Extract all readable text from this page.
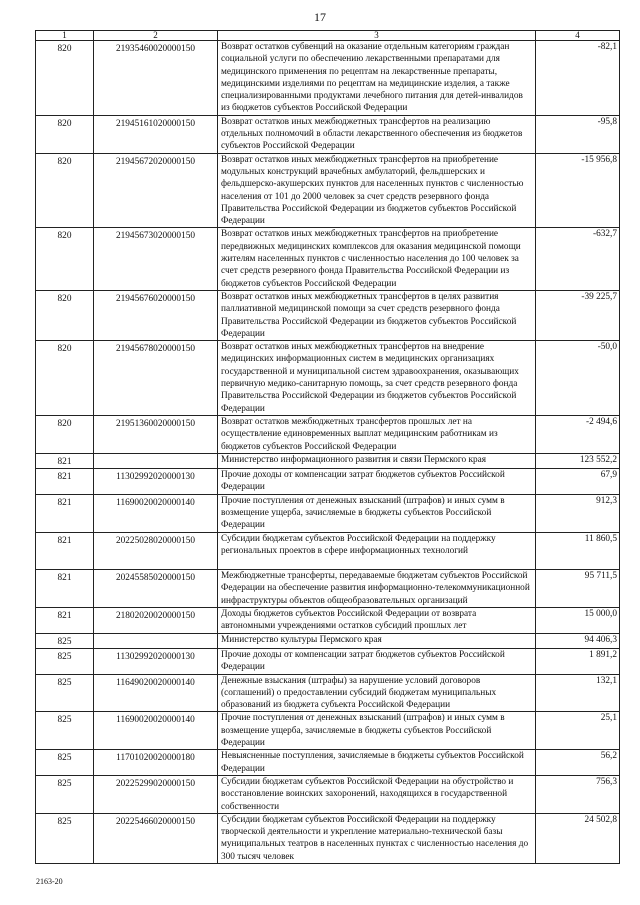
17
1	2	3	4
820	21935460020000150	Возврат остатков субвенций на оказание отдельным категориям граждан социальной услуги по обеспечению лекарственными препаратами для медицинского применения по рецептам на лекарственные препараты, медицинскими изделиями по рецептам на медицинские изделия, а также специализированными продуктами лечебного питания для детей-инвалидов из бюджетов субъектов Российской Федерации	-82,1
820	21945161020000150	Возврат остатков иных межбюджетных трансфертов на реализацию отдельных полномочий в области лекарственного обеспечения из бюджетов субъектов Российской Федерации	-95,8
820	21945672020000150	Возврат остатков иных межбюджетных трансфертов на приобретение модульных конструкций врачебных амбулаторий, фельдшерских и фельдшерско-акушерских пунктов для населенных пунктов с численностью населения от 101 до 2000 человек за счет средств резервного фонда Правительства Российской Федерации из бюджетов субъектов Российской Федерации	-15 956,8
820	21945673020000150	Возврат остатков иных межбюджетных трансфертов на приобретение передвижных медицинских комплексов для оказания медицинской помощи жителям населенных пунктов с численностью населения до 100 человек за счет средств резервного фонда Правительства Российской Федерации из бюджетов субъектов Российской Федерации	-632,7
820	21945676020000150	Возврат остатков иных межбюджетных трансфертов в целях развития паллиативной медицинской помощи за счет средств резервного фонда Правительства Российской Федерации из бюджетов субъектов Российской Федерации	-39 225,7
820	21945678020000150	Возврат остатков иных межбюджетных трансфертов на внедрение медицинских информационных систем в медицинских организациях государственной и муниципальной систем здравоохранения, оказывающих первичную медико-санитарную помощь, за счет средств резервного фонда Правительства Российской Федерации из бюджетов субъектов Российской Федерации	-50,0
820	21951360020000150	Возврат остатков межбюджетных трансфертов прошлых лет на осуществление единовременных выплат медицинским работникам из бюджетов субъектов Российской Федерации	-2 494,6
821		Министерство информационного развития и связи Пермского края	123 552,2
821	11302992020000130	Прочие доходы от компенсации затрат бюджетов субъектов Российской Федерации	67,9
821	11690020020000140	Прочие поступления от денежных взысканий (штрафов) и иных сумм в возмещение ущерба, зачисляемые в бюджеты субъектов Российской Федерации	912,3
821	20225028020000150	Субсидии бюджетам субъектов Российской Федерации на поддержку региональных проектов в сфере информационных технологий	11 860,5
821	20245585020000150	Межбюджетные трансферты, передаваемые бюджетам субъектов Российской Федерации на обеспечение развития информационно-телекоммуникационной инфраструктуры объектов общеобразовательных организаций	95 711,5
821	21802020020000150	Доходы бюджетов субъектов Российской Федерации от возврата автономными учреждениями остатков субсидий прошлых лет	15 000,0
825		Министерство культуры Пермского края	94 406,3
825	11302992020000130	Прочие доходы от компенсации затрат бюджетов субъектов Российской Федерации	1 891,2
825	11649020020000140	Денежные взыскания (штрафы) за нарушение условий договоров (соглашений) о предоставлении субсидий бюджетам муниципальных образований из бюджета субъекта Российской Федерации	132,1
825	11690020020000140	Прочие поступления от денежных взысканий (штрафов) и иных сумм в возмещение ущерба, зачисляемые в бюджеты субъектов Российской Федерации	25,1
825	11701020020000180	Невыясненные поступления, зачисляемые в бюджеты субъектов Российской Федерации	56,2
825	20225299020000150	Субсидии бюджетам субъектов Российской Федерации на обустройство и восстановление воинских захоронений, находящихся в государственной собственности	756,3
825	20225466020000150	Субсидии бюджетам субъектов Российской Федерации на поддержку творческой деятельности и укрепление материально-технической базы муниципальных театров в населенных пунктах с численностью населения до 300 тысяч человек	24 502,8
2163-20
